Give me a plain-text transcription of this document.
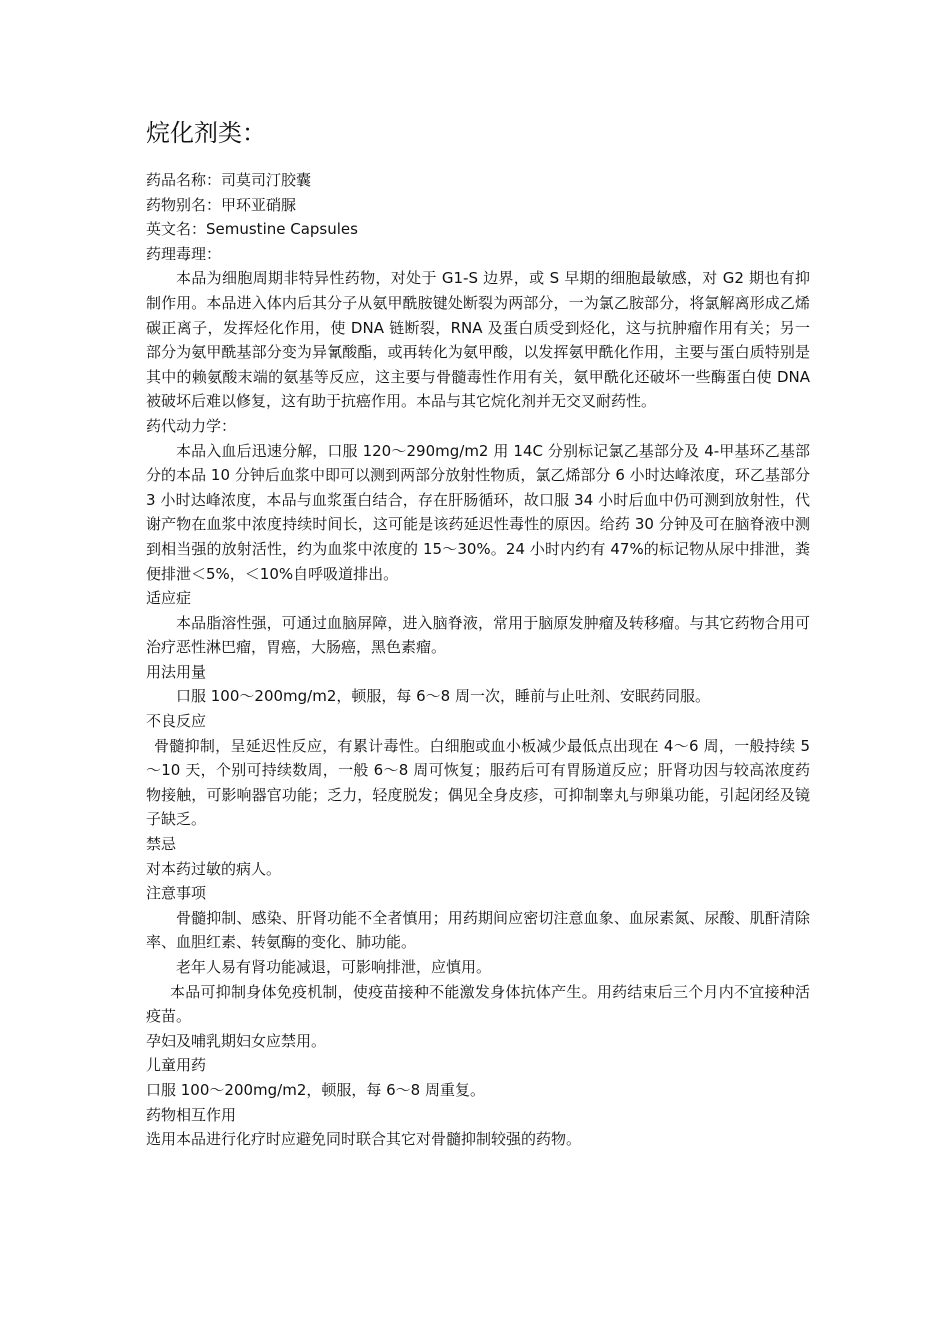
烷化剂类：

药品名称：司莫司汀胶囊

药物别名：甲环亚硝脲

英文名：Semustine Capsules

药理毒理：

本品为细胞周期非特异性药物，对处于 G1-S 边界，或 S 早期的细胞最敏感，对 G2 期也有抑制作用。本品进入体内后其分子从氨甲酰胺键处断裂为两部分，一为氯乙胺部分，将氯解离形成乙烯碳正离子，发挥烃化作用，使 DNA 链断裂，RNA 及蛋白质受到烃化，这与抗肿瘤作用有关；另一部分为氨甲酰基部分变为异氰酸酯，或再转化为氨甲酸，以发挥氨甲酰化作用，主要与蛋白质特别是其中的赖氨酸末端的氨基等反应，这主要与骨髓毒性作用有关，氨甲酰化还破坏一些酶蛋白使 DNA 被破坏后难以修复，这有助于抗癌作用。本品与其它烷化剂并无交叉耐药性。

药代动力学：

本品入血后迅速分解，口服 120～290mg/m2 用 14C 分别标记氯乙基部分及 4-甲基环乙基部分的本品 10 分钟后血浆中即可以测到两部分放射性物质，氯乙烯部分 6 小时达峰浓度，环乙基部分 3 小时达峰浓度，本品与血浆蛋白结合，存在肝肠循环，故口服 34 小时后血中仍可测到放射性，代谢产物在血浆中浓度持续时间长，这可能是该药延迟性毒性的原因。给药 30 分钟及可在脑脊液中测到相当强的放射活性，约为血浆中浓度的 15～30%。24 小时内约有 47%的标记物从尿中排泄，粪便排泄＜5%，＜10%自呼吸道排出。

适应症

本品脂溶性强，可通过血脑屏障，进入脑脊液，常用于脑原发肿瘤及转移瘤。与其它药物合用可治疗恶性淋巴瘤，胃癌，大肠癌，黑色素瘤。

用法用量

口服 100～200mg/m2，顿服，每 6～8 周一次，睡前与止吐剂、安眠药同服。

不良反应

骨髓抑制，呈延迟性反应，有累计毒性。白细胞或血小板减少最低点出现在 4～6 周，一般持续 5～10 天，个别可持续数周，一般 6～8 周可恢复；服药后可有胃肠道反应；肝肾功因与较高浓度药物接触，可影响器官功能；乏力，轻度脱发；偶见全身皮疹，可抑制睾丸与卵巢功能，引起闭经及镜子缺乏。

禁忌

对本药过敏的病人。

注意事项

骨髓抑制、感染、肝肾功能不全者慎用；用药期间应密切注意血象、血尿素氮、尿酸、肌酐清除率、血胆红素、转氨酶的变化、肺功能。

老年人易有肾功能减退，可影响排泄，应慎用。

本品可抑制身体免疫机制，使疫苗接种不能激发身体抗体产生。用药结束后三个月内不宜接种活疫苗。

孕妇及哺乳期妇女应禁用。

儿童用药

口服 100～200mg/m2，顿服，每 6～8 周重复。

药物相互作用

选用本品进行化疗时应避免同时联合其它对骨髓抑制较强的药物。
